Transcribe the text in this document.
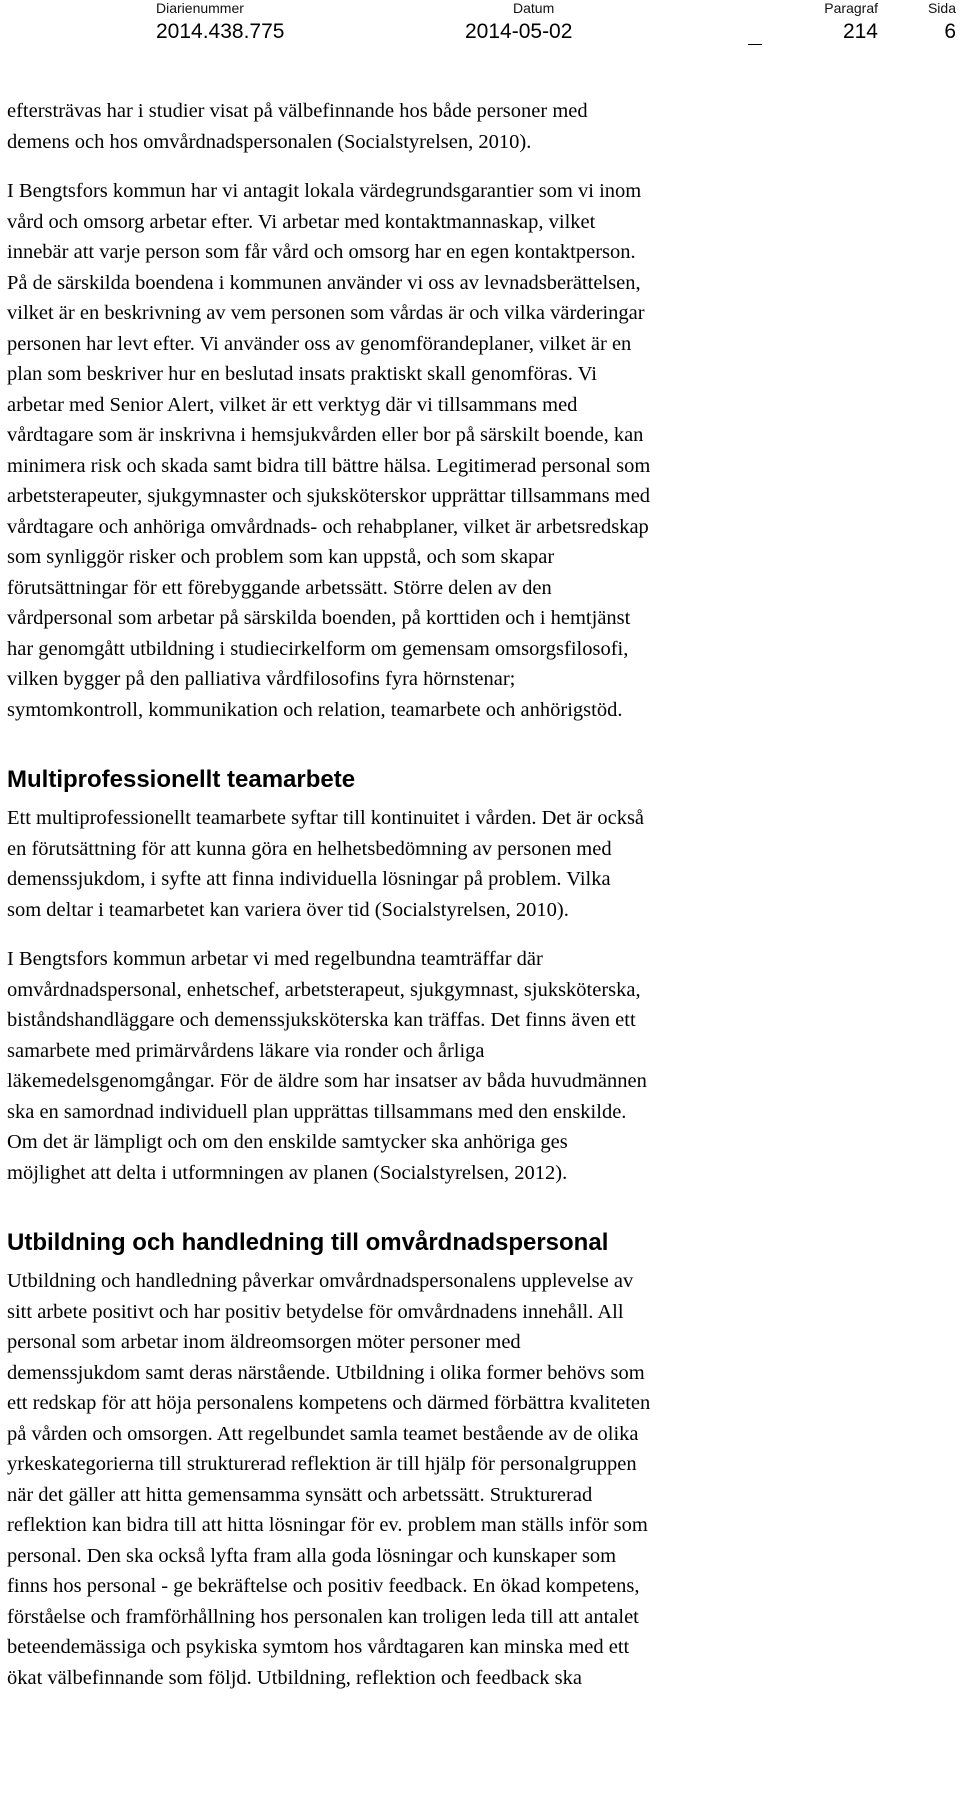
Diarienummer
2014.438.775
Datum
2014-05-02
Paragraf
214
Sida
6

eftersträvas har i studier visat på välbefinnande hos både personer med
demens och hos omvårdnadspersonalen (Socialstyrelsen, 2010).

I Bengtsfors kommun har vi antagit lokala värdegrundsgarantier som vi inom
vård och omsorg arbetar efter. Vi arbetar med kontaktmannaskap, vilket
innebär att varje person som får vård och omsorg har en egen kontaktperson.
På de särskilda boendena i kommunen använder vi oss av levnadsberättelsen,
vilket är en beskrivning av vem personen som vårdas är och vilka värderingar
personen har levt efter. Vi använder oss av genomförandeplaner, vilket är en
plan som beskriver hur en beslutad insats praktiskt skall genomföras. Vi
arbetar med Senior Alert, vilket är ett verktyg där vi tillsammans med
vårdtagare som är inskrivna i hemsjukvården eller bor på särskilt boende, kan
minimera risk och skada samt bidra till bättre hälsa. Legitimerad personal som
arbetsterapeuter, sjukgymnaster och sjuksköterskor upprättar tillsammans med
vårdtagare och anhöriga omvårdnads- och rehabplaner, vilket är arbetsredskap
som synliggör risker och problem som kan uppstå, och som skapar
förutsättningar för ett förebyggande arbetssätt. Större delen av den
vårdpersonal som arbetar på särskilda boenden, på korttiden och i hemtjänst
har genomgått utbildning i studiecirkelform om gemensam omsorgsfilosofi,
vilken bygger på den palliativa vårdfilosofins fyra hörnstenar;
symtomkontroll, kommunikation och relation, teamarbete och anhörigstöd.

Multiprofessionellt teamarbete

Ett multiprofessionellt teamarbete syftar till kontinuitet i vården. Det är också
en förutsättning för att kunna göra en helhetsbedömning av personen med
demenssjukdom, i syfte att finna individuella lösningar på problem. Vilka
som deltar i teamarbetet kan variera över tid (Socialstyrelsen, 2010).

I Bengtsfors kommun arbetar vi med regelbundna teamträffar där
omvårdnadspersonal, enhetschef, arbetsterapeut, sjukgymnast, sjuksköterska,
biståndshandläggare och demenssjuksköterska kan träffas. Det finns även ett
samarbete med primärvårdens läkare via ronder och årliga
läkemedelsgenomgångar. För de äldre som har insatser av båda huvudmännen
ska en samordnad individuell plan upprättas tillsammans med den enskilde.
Om det är lämpligt och om den enskilde samtycker ska anhöriga ges
möjlighet att delta i utformningen av planen (Socialstyrelsen, 2012).

Utbildning och handledning till omvårdnadspersonal

Utbildning och handledning påverkar omvårdnadspersonalens upplevelse av
sitt arbete positivt och har positiv betydelse för omvårdnadens innehåll. All
personal som arbetar inom äldreomsorgen möter personer med
demenssjukdom samt deras närstående. Utbildning i olika former behövs som
ett redskap för att höja personalens kompetens och därmed förbättra kvaliteten
på vården och omsorgen. Att regelbundet samla teamet bestående av de olika
yrkeskategorierna till strukturerad reflektion är till hjälp för personalgruppen
när det gäller att hitta gemensamma synsätt och arbetssätt. Strukturerad
reflektion kan bidra till att hitta lösningar för ev. problem man ställs inför som
personal. Den ska också lyfta fram alla goda lösningar och kunskaper som
finns hos personal - ge bekräftelse och positiv feedback. En ökad kompetens,
förståelse och framförhållning hos personalen kan troligen leda till att antalet
beteendemässiga och psykiska symtom hos vårdtagaren kan minska med ett
ökat välbefinnande som följd. Utbildning, reflektion och feedback ska
